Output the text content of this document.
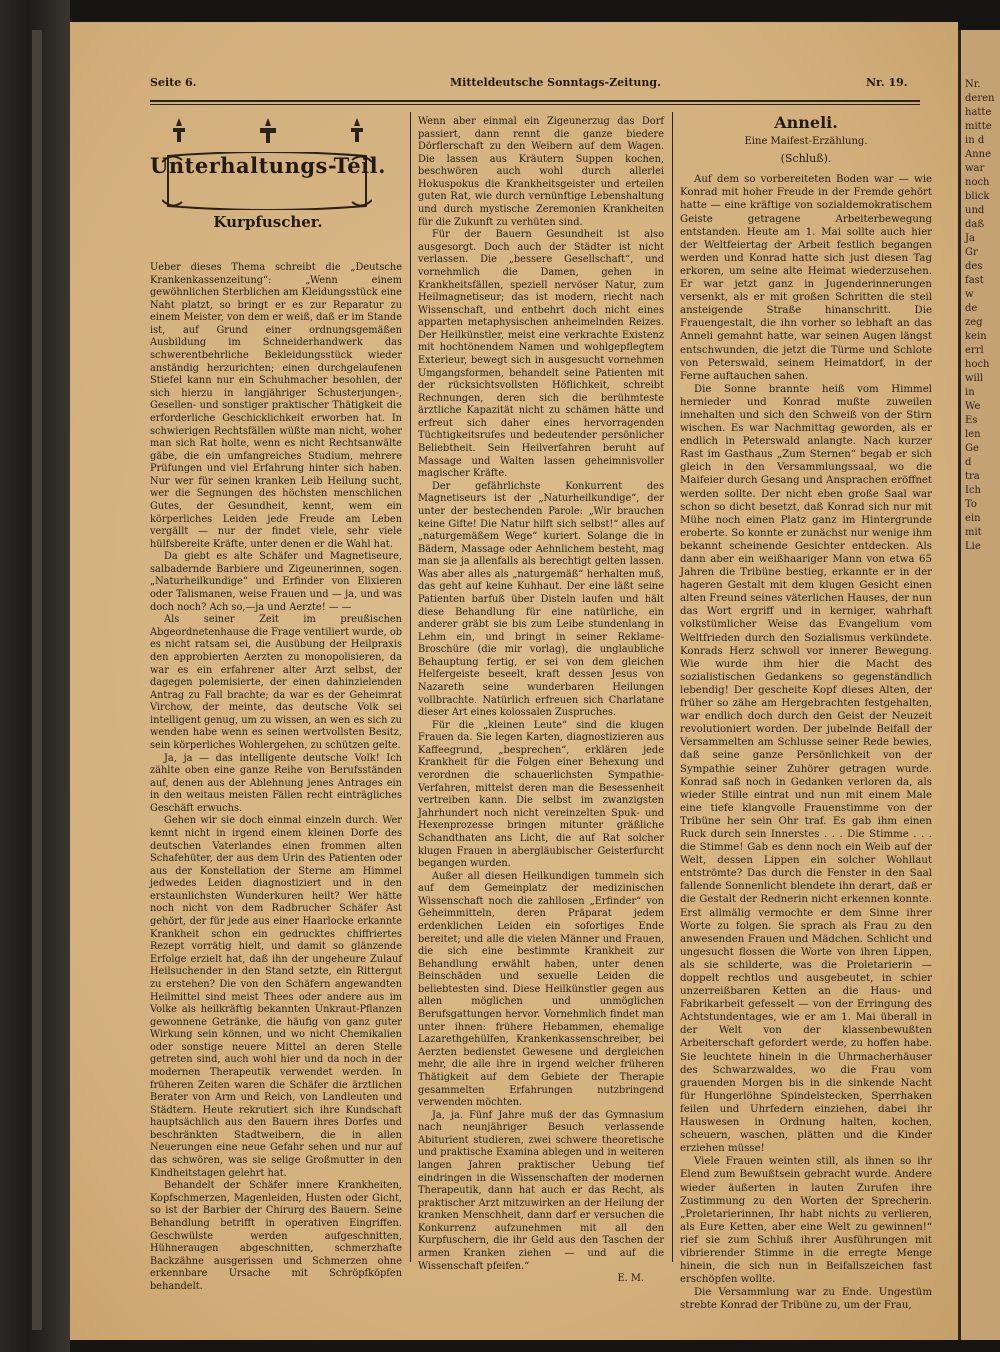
Nr.
deren
hatte
mitte
in d
Anne
war
noch
blick
und
daß
Ja
Gr
des
fast
w
de
zeg
kein
errl
hoch
will
in
We
Es
len
Ge
d
tra
Ich
To
ein
mit
Lie
Seite 6.	Mitteldeutsche Sonntags-Zeitung.	Nr. 19.
Unterhaltungs-Teil.
Kurpfuscher.

Ueber dieses Thema schreibt die „Deutsche Krankenkassenzeitung“: „Wenn einem gewöhnlichen Sterblichen am Kleidungsstück eine Naht platzt, so bringt er es zur Reparatur zu einem Meister, von dem er weiß, daß er im Stande ist, auf Grund einer ordnungsgemäßen Ausbildung im Schneiderhandwerk das schwerentbehrliche Bekleidungsstück wieder anständig herzurichten; einen durchgelaufenen Stiefel kann nur ein Schuhmacher besohlen, der sich hierzu in langjähriger Schusterjungen-, Gesellen- und sonstiger praktischer Thätigkeit die erforderliche Geschicklichkeit erworben hat. In schwierigen Rechtsfällen wüßte man nicht, woher man sich Rat holte, wenn es nicht Rechtsanwälte gäbe, die ein umfangreiches Studium, mehrere Prüfungen und viel Erfahrung hinter sich haben. Nur wer für seinen kranken Leib Heilung sucht, wer die Segnungen des höchsten menschlichen Gutes, der Gesundheit, kennt, wem ein körperliches Leiden jede Freude am Leben vergällt — nur der findet viele, sehr viele hülfsbereite Kräfte, unter denen er die Wahl hat.

Da giebt es alte Schäfer und Magnetiseure, salbadernde Barbiere und Zigeunerinnen, sogen. „Naturheilkundige“ und Erfinder von Elixieren oder Talismanen, weise Frauen und — ja, und was doch noch? Ach so,—ja und Aerzte! — —

Als seiner Zeit im preußischen Abgeordnetenhause die Frage ventiliert wurde, ob es nicht ratsam sei, die Ausübung der Heilpraxis den approbierten Aerzten zu monopolisieren, da war es ein erfahrener alter Arzt selbst, der dagegen polemisierte, der einen dahinzielenden Antrag zu Fall brachte; da war es der Geheimrat Virchow, der meinte, das deutsche Volk sei intelligent genug, um zu wissen, an wen es sich zu wenden habe wenn es seinen wertvollsten Besitz, sein körperliches Wohlergehen, zu schützen gelte.

Ja, ja — das intelligente deutsche Volk! Ich zählte oben eine ganze Reihe von Berufsständen auf, denen aus der Ablehnung jenes Antrages ein in den weitaus meisten Fällen recht einträgliches Geschäft erwuchs.

Gehen wir sie doch einmal einzeln durch. Wer kennt nicht in irgend einem kleinen Dorfe des deutschen Vaterlandes einen frommen alten Schafehüter, der aus dem Urin des Patienten oder aus der Konstellation der Sterne am Himmel jedwedes Leiden diagnostiziert und in den erstaunlichsten Wunderkuren heilt? Wer hätte noch nicht von dem Radbrucher Schäfer Ast gehört, der für jede aus einer Haarlocke erkannte Krankheit schon ein gedrucktes chiffriertes Rezept vorrätig hielt, und damit so glänzende Erfolge erzielt hat, daß ihn der ungeheure Zulauf Heilsuchender in den Stand setzte, ein Rittergut zu erstehen? Die von den Schäfern angewandten Heilmittel sind meist Thees oder andere aus im Volke als heilkräftig bekannten Unkraut-Pflanzen gewonnene Getränke, die häufig von ganz guter Wirkung sein können, und wo nicht Chemikalien oder sonstige neuere Mittel an deren Stelle getreten sind, auch wohl hier und da noch in der modernen Therapeutik verwendet werden. In früheren Zeiten waren die Schäfer die ärztlichen Berater von Arm und Reich, von Landleuten und Städtern. Heute rekrutiert sich ihre Kundschaft hauptsächlich aus den Bauern ihres Dorfes und beschränkten Stadtweibern, die in allen Neuerungen eine neue Gefahr sehen und nur auf das schwören, was sie selige Großmutter in den Kindheitstagen gelehrt hat.

Behandelt der Schäfer innere Krankheiten, Kopfschmerzen, Magenleiden, Husten oder Gicht, so ist der Barbier der Chirurg des Bauern. Seine Behandlung betrifft in operativen Eingriffen. Geschwülste werden aufgeschnitten, Hühneraugen abgeschnitten, schmerzhafte Backzähne ausgerissen und Schmerzen ohne erkennbare Ursache mit Schröpfköpfen behandelt.

Wenn aber einmal ein Zigeunerzug das Dorf passiert, dann rennt die ganze biedere Dörflerschaft zu den Weibern auf dem Wagen. Die lassen aus Kräutern Suppen kochen, beschwören auch wohl durch allerlei Hokuspokus die Krankheitsgeister und erteilen guten Rat, wie durch vernünftige Lebenshaltung und durch mystische Zeremonien Krankheiten für die Zukunft zu verhüten sind.

Für der Bauern Gesundheit ist also ausgesorgt. Doch auch der Städter ist nicht verlassen. Die „bessere Gesellschaft“, und vornehmlich die Damen, gehen in Krankheitsfällen, speziell nervöser Natur, zum Heilmagnetiseur; das ist modern, riecht nach Wissenschaft, und entbehrt doch nicht eines apparten metaphysischen anheimelnden Reizes. Der Heilkünstler, meist eine verkrachte Existenz mit hochtönendem Namen und wohlgepflegtem Exterieur, bewegt sich in ausgesucht vornehmen Umgangsformen, behandelt seine Patienten mit der rücksichtsvollsten Höflichkeit, schreibt Rechnungen, deren sich die berühmteste ärztliche Kapazität nicht zu schämen hätte und erfreut sich daher eines hervorragenden Tüchtigkeitsrufes und bedeutender persönlicher Beliebtheit. Sein Heilverfahren beruht auf Massage und Walten lassen geheimnisvoller magischer Kräfte.

Der gefährlichste Konkurrent des Magnetiseurs ist der „Naturheilkundige“, der unter der bestechenden Parole: „Wir brauchen keine Gifte! Die Natur hilft sich selbst!“ alles auf „naturgemäßem Wege“ kuriert. Solange die in Bädern, Massage oder Aehnlichem besteht, mag man sie ja allenfalls als berechtigt gelten lassen. Was aber alles als „naturgemäß“ herhalten muß, das geht auf keine Kuhhaut. Der eine läßt seine Patienten barfuß über Disteln laufen und hält diese Behandlung für eine natürliche, ein anderer gräbt sie bis zum Leibe stundenlang in Lehm ein, und bringt in seiner Reklame-Broschüre (die mir vorlag), die unglaubliche Behauptung fertig, er sei von dem gleichen Helfergeiste beseelt, kraft dessen Jesus von Nazareth seine wunderbaren Heilungen vollbrachte. Natürlich erfreuen sich Charlatane dieser Art eines kolossalen Zuspruches.

Für die „kleinen Leute“ sind die klugen Frauen da. Sie legen Karten, diagnostizieren aus Kaffeegrund, „besprechen“, erklären jede Krankheit für die Folgen einer Behexung und verordnen die schauerlichsten Sympathie-Verfahren, mittelst deren man die Besessenheit vertreiben kann. Die selbst im zwanzigsten Jahrhundert noch nicht vereinzelten Spuk- und Hexenprozesse bringen mitunter gräßliche Schandthaten ans Licht, die auf Rat solcher klugen Frauen in abergläubischer Geisterfurcht begangen wurden.

Außer all diesen Heilkundigen tummeln sich auf dem Gemeinplatz der medizinischen Wissenschaft noch die zahllosen „Erfinder“ von Geheimmitteln, deren Präparat jedem erdenklichen Leiden ein sofortiges Ende bereitet; und alle die vielen Männer und Frauen, die sich eine bestimmte Krankheit zur Behandlung erwählt haben, unter denen Beinschäden und sexuelle Leiden die beliebtesten sind. Diese Heilkünstler gegen aus allen möglichen und unmöglichen Berufsgattungen hervor. Vornehmlich findet man unter ihnen: frühere Hebammen, ehemalige Lazarethgehülfen, Krankenkassenschreiber, bei Aerzten bedienstet Gewesene und dergleichen mehr, die alle ihre in irgend welcher früheren Thätigkeit auf dem Gebiete der Therapie gesammelten Erfahrungen nutzbringend verwenden möchten.

Ja, ja. Fünf Jahre muß der das Gymnasium nach neunjähriger Besuch verlassende Abiturient studieren, zwei schwere theoretische und praktische Examina ablegen und in weiteren langen Jahren praktischer Uebung tief eindringen in die Wissenschaften der modernen Therapeutik, dann hat auch er das Recht, als praktischer Arzt mitzuwirken an der Heilung der kranken Menschheit, dann darf er versuchen die Konkurrenz aufzunehmen mit all den Kurpfuschern, die ihr Geld aus den Taschen der armen Kranken ziehen — und auf die Wissenschaft pfeifen.“

E. M.
Anneli.
Eine Maifest-Erzählung.
(Schluß).

Auf dem so vorbereiteten Boden war — wie Konrad mit hoher Freude in der Fremde gehört hatte — eine kräftige von sozialdemokratischem Geiste getragene Arbeiterbewegung entstanden. Heute am 1. Mai sollte auch hier der Weltfeiertag der Arbeit festlich begangen werden und Konrad hatte sich just diesen Tag erkoren, um seine alte Heimat wiederzusehen. Er war jetzt ganz in Jugenderinnerungen versenkt, als er mit großen Schritten die steil ansteigende Straße hinanschritt. Die Frauengestalt, die ihn vorher so lebhaft an das Anneli gemahnt hatte, war seinen Augen längst entschwunden, die jetzt die Türme und Schlote von Peterswald, seinem Heimatdorf, in der Ferne auftauchen sahen.

Die Sonne brannte heiß vom Himmel hernieder und Konrad mußte zuweilen innehalten und sich den Schweiß von der Stirn wischen. Es war Nachmittag geworden, als er endlich in Peterswald anlangte. Nach kurzer Rast im Gasthaus „Zum Sternen“ begab er sich gleich in den Versammlungssaal, wo die Maifeier durch Gesang und Ansprachen eröffnet werden sollte. Der nicht eben große Saal war schon so dicht besetzt, daß Konrad sich nur mit Mühe noch einen Platz ganz im Hintergrunde eroberte. So konnte er zunächst nur wenige ihm bekannt scheinende Gesichter entdecken. Als dann aber ein weißhaariger Mann von etwa 65 Jahren die Tribüne bestieg, erkannte er in der hageren Gestalt mit dem klugen Gesicht einen alten Freund seines väterlichen Hauses, der nun das Wort ergriff und in kerniger, wahrhaft volkstümlicher Weise das Evangelium vom Weltfrieden durch den Sozialismus verkündete. Konrads Herz schwoll vor innerer Bewegung. Wie wurde ihm hier die Macht des sozialistischen Gedankens so gegenständlich lebendig! Der gescheite Kopf dieses Alten, der früher so zähe am Hergebrachten festgehalten, war endlich doch durch den Geist der Neuzeit revolutioniert worden. Der jubelnde Beifall der Versammelten am Schlusse seiner Rede bewies, daß seine ganze Persönlichkeit von der Sympathie seiner Zuhörer getragen wurde. Konrad saß noch in Gedanken verloren da, als wieder Stille eintrat und nun mit einem Male eine tiefe klangvolle Frauenstimme von der Tribüne her sein Ohr traf. Es gab ihm einen Ruck durch sein Innerstes . . . Die Stimme . . . die Stimme! Gab es denn noch ein Weib auf der Welt, dessen Lippen ein solcher Wohllaut entströmte? Das durch die Fenster in den Saal fallende Sonnenlicht blendete ihn derart, daß er die Gestalt der Rednerin nicht erkennen konnte. Erst allmälig vermochte er dem Sinne ihrer Worte zu folgen. Sie sprach als Frau zu den anwesenden Frauen und Mädchen. Schlicht und ungesucht flossen die Worte von ihren Lippen, als sie schilderte, was die Proletarierin — doppelt rechtlos und ausgebeutet, in schier unzerreißbaren Ketten an die Haus- und Fabrikarbeit gefesselt — von der Erringung des Achtstundentages, wie er am 1. Mai überall in der Welt von der klassenbewußten Arbeiterschaft gefordert werde, zu hoffen habe. Sie leuchtete hinein in die Uhrmacherhäuser des Schwarzwaldes, wo die Frau vom grauenden Morgen bis in die sinkende Nacht für Hungerlöhne Spindelstecken, Sperrhaken feilen und Uhrfedern einziehen, dabei ihr Hauswesen in Ordnung halten, kochen, scheuern, waschen, plätten und die Kinder erziehen müsse!

Viele Frauen weinten still, als ihnen so ihr Elend zum Bewußtsein gebracht wurde. Andere wieder äußerten in lauten Zurufen ihre Zustimmung zu den Worten der Sprecherin. „Proletarierinnen, Ihr habt nichts zu verlieren, als Eure Ketten, aber eine Welt zu gewinnen!“ rief sie zum Schluß ihrer Ausführungen mit vibrierender Stimme in die erregte Menge hinein, die sich nun in Beifallszeichen fast erschöpfen wollte.

Die Versammlung war zu Ende. Ungestüm strebte Konrad der Tribüne zu, um der Frau,
